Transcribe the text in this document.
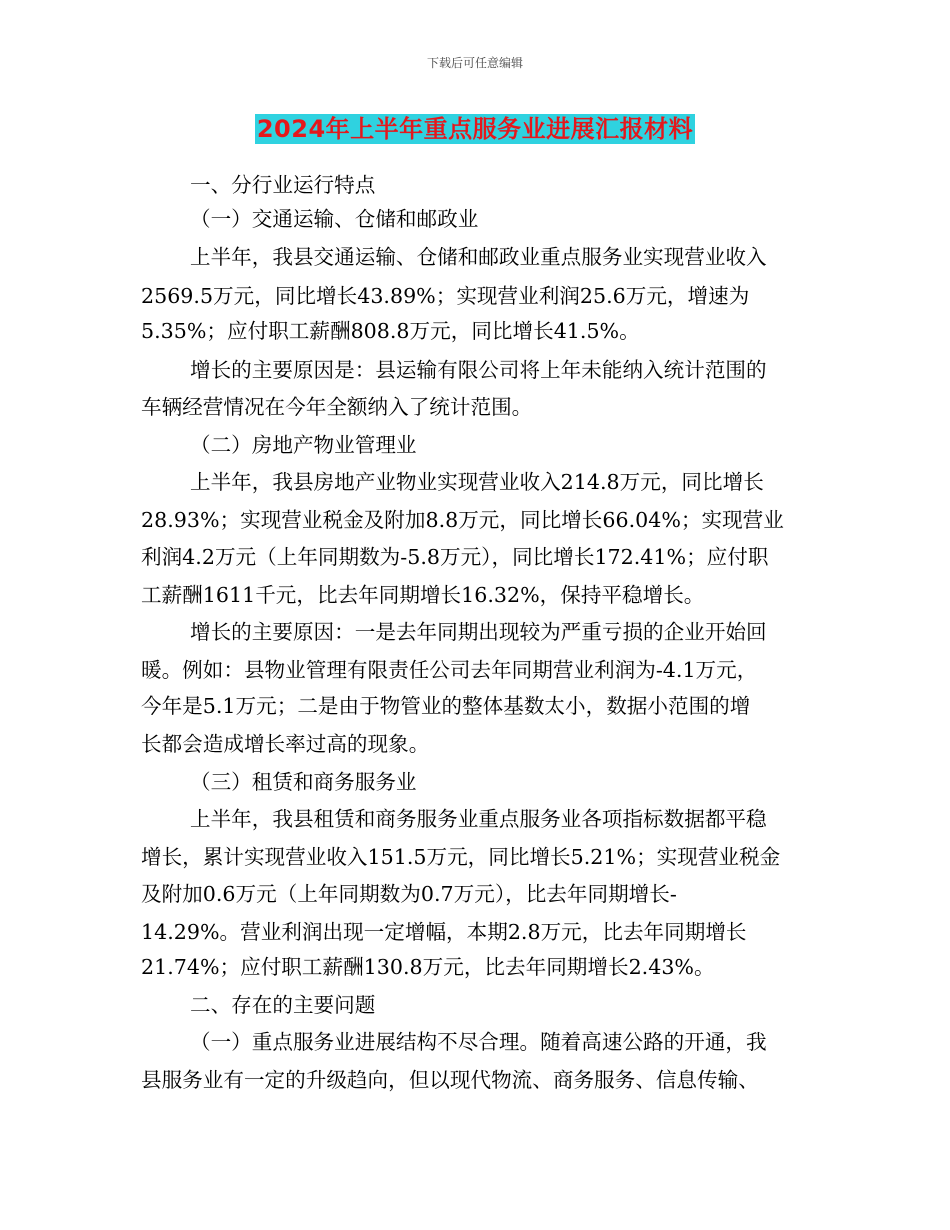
下载后可任意编辑
2024年上半年重点服务业进展汇报材料
一、分行业运行特点
（一）交通运输、仓储和邮政业
上半年，我县交通运输、仓储和邮政业重点服务业实现营业收入
2569.5万元，同比增长43.89%；实现营业利润25.6万元，增速为
5.35%；应付职工薪酬808.8万元，同比增长41.5%。
增长的主要原因是：县运输有限公司将上年未能纳入统计范围的
车辆经营情况在今年全额纳入了统计范围。
（二）房地产物业管理业
上半年，我县房地产业物业实现营业收入214.8万元，同比增长
28.93%；实现营业税金及附加8.8万元，同比增长66.04%；实现营业
利润4.2万元（上年同期数为-5.8万元），同比增长172.41%；应付职
工薪酬1611千元，比去年同期增长16.32%，保持平稳增长。
增长的主要原因：一是去年同期出现较为严重亏损的企业开始回
暖。例如：县物业管理有限责任公司去年同期营业利润为-4.1万元，
今年是5.1万元；二是由于物管业的整体基数太小，数据小范围的增
长都会造成增长率过高的现象。
（三）租赁和商务服务业
上半年，我县租赁和商务服务业重点服务业各项指标数据都平稳
增长，累计实现营业收入151.5万元，同比增长5.21%；实现营业税金
及附加0.6万元（上年同期数为0.7万元），比去年同期增长-
14.29%。营业利润出现一定增幅，本期2.8万元，比去年同期增长
21.74%；应付职工薪酬130.8万元，比去年同期增长2.43%。
二、存在的主要问题
（一）重点服务业进展结构不尽合理。随着高速公路的开通，我
县服务业有一定的升级趋向，但以现代物流、商务服务、信息传输、
